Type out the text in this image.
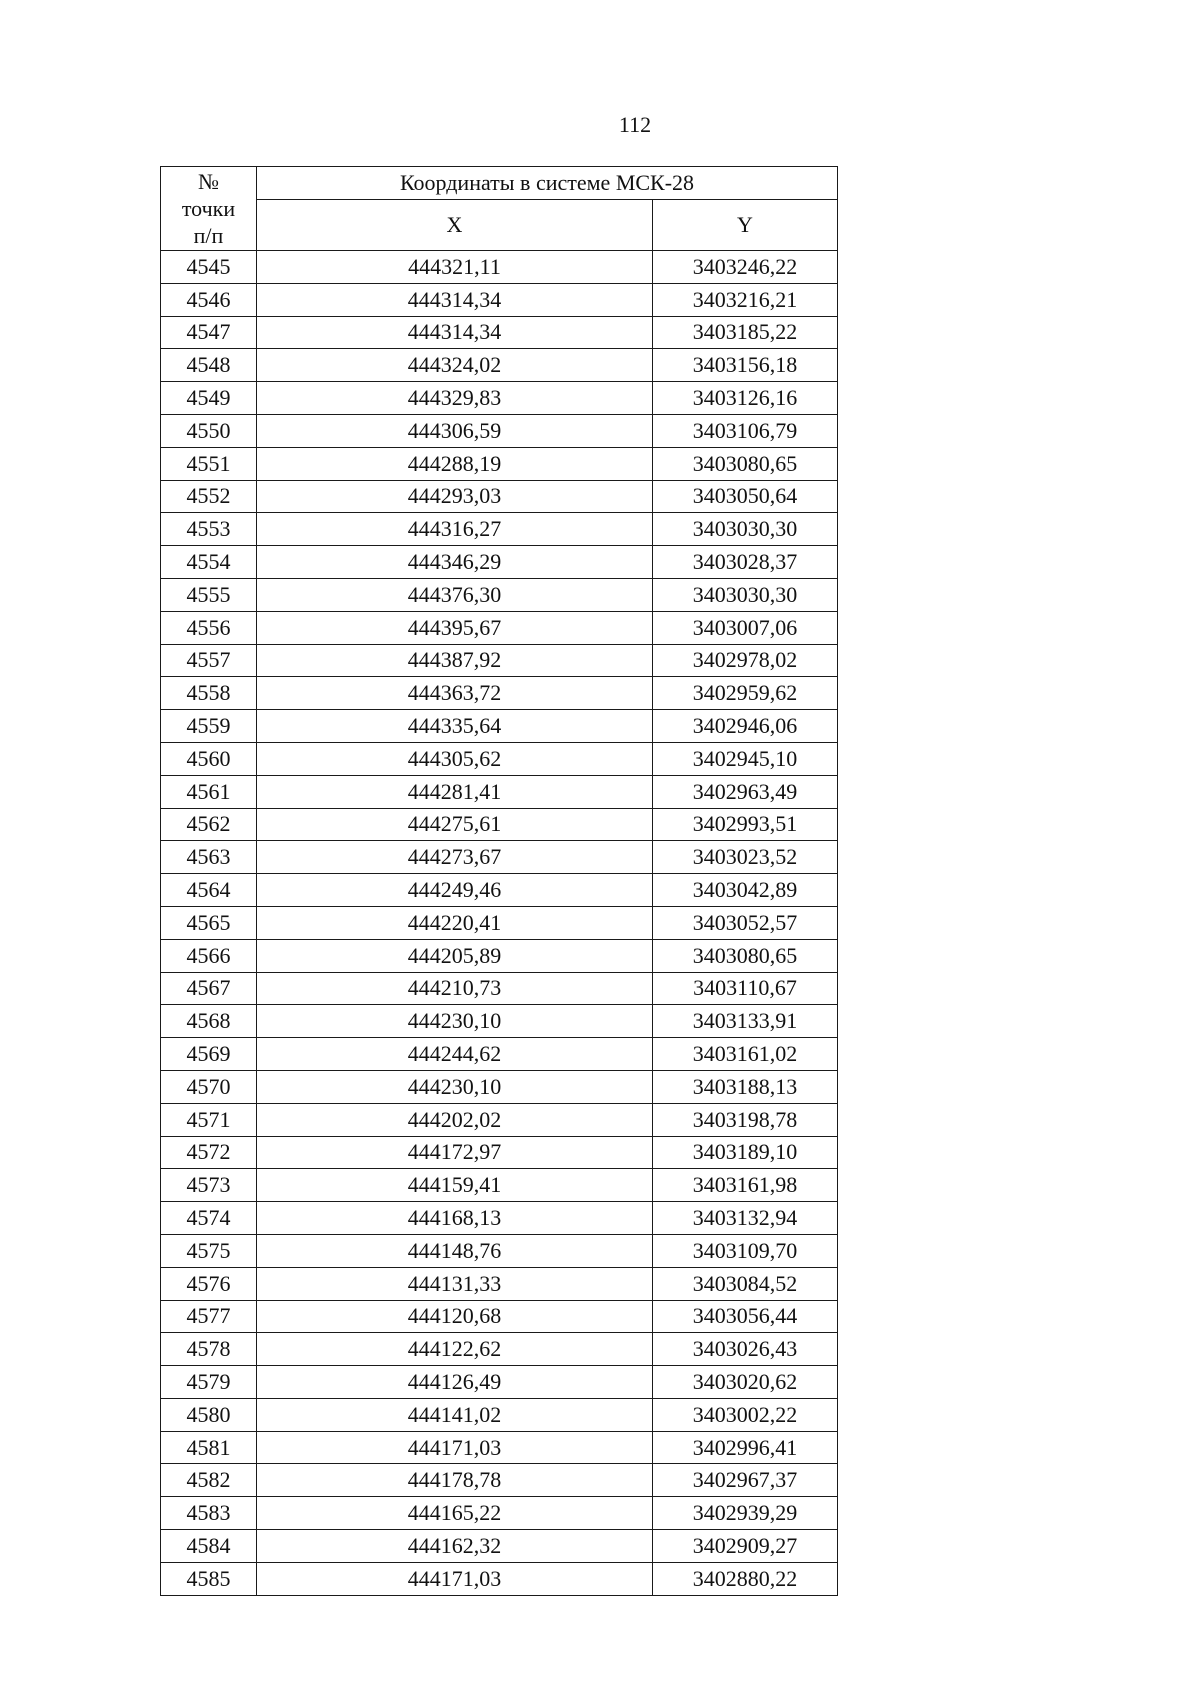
112
№
точки
п/п	Координаты в системе МСК-28	
	X	Y
4545	444321,11	3403246,22
4546	444314,34	3403216,21
4547	444314,34	3403185,22
4548	444324,02	3403156,18
4549	444329,83	3403126,16
4550	444306,59	3403106,79
4551	444288,19	3403080,65
4552	444293,03	3403050,64
4553	444316,27	3403030,30
4554	444346,29	3403028,37
4555	444376,30	3403030,30
4556	444395,67	3403007,06
4557	444387,92	3402978,02
4558	444363,72	3402959,62
4559	444335,64	3402946,06
4560	444305,62	3402945,10
4561	444281,41	3402963,49
4562	444275,61	3402993,51
4563	444273,67	3403023,52
4564	444249,46	3403042,89
4565	444220,41	3403052,57
4566	444205,89	3403080,65
4567	444210,73	3403110,67
4568	444230,10	3403133,91
4569	444244,62	3403161,02
4570	444230,10	3403188,13
4571	444202,02	3403198,78
4572	444172,97	3403189,10
4573	444159,41	3403161,98
4574	444168,13	3403132,94
4575	444148,76	3403109,70
4576	444131,33	3403084,52
4577	444120,68	3403056,44
4578	444122,62	3403026,43
4579	444126,49	3403020,62
4580	444141,02	3403002,22
4581	444171,03	3402996,41
4582	444178,78	3402967,37
4583	444165,22	3402939,29
4584	444162,32	3402909,27
4585	444171,03	3402880,22
